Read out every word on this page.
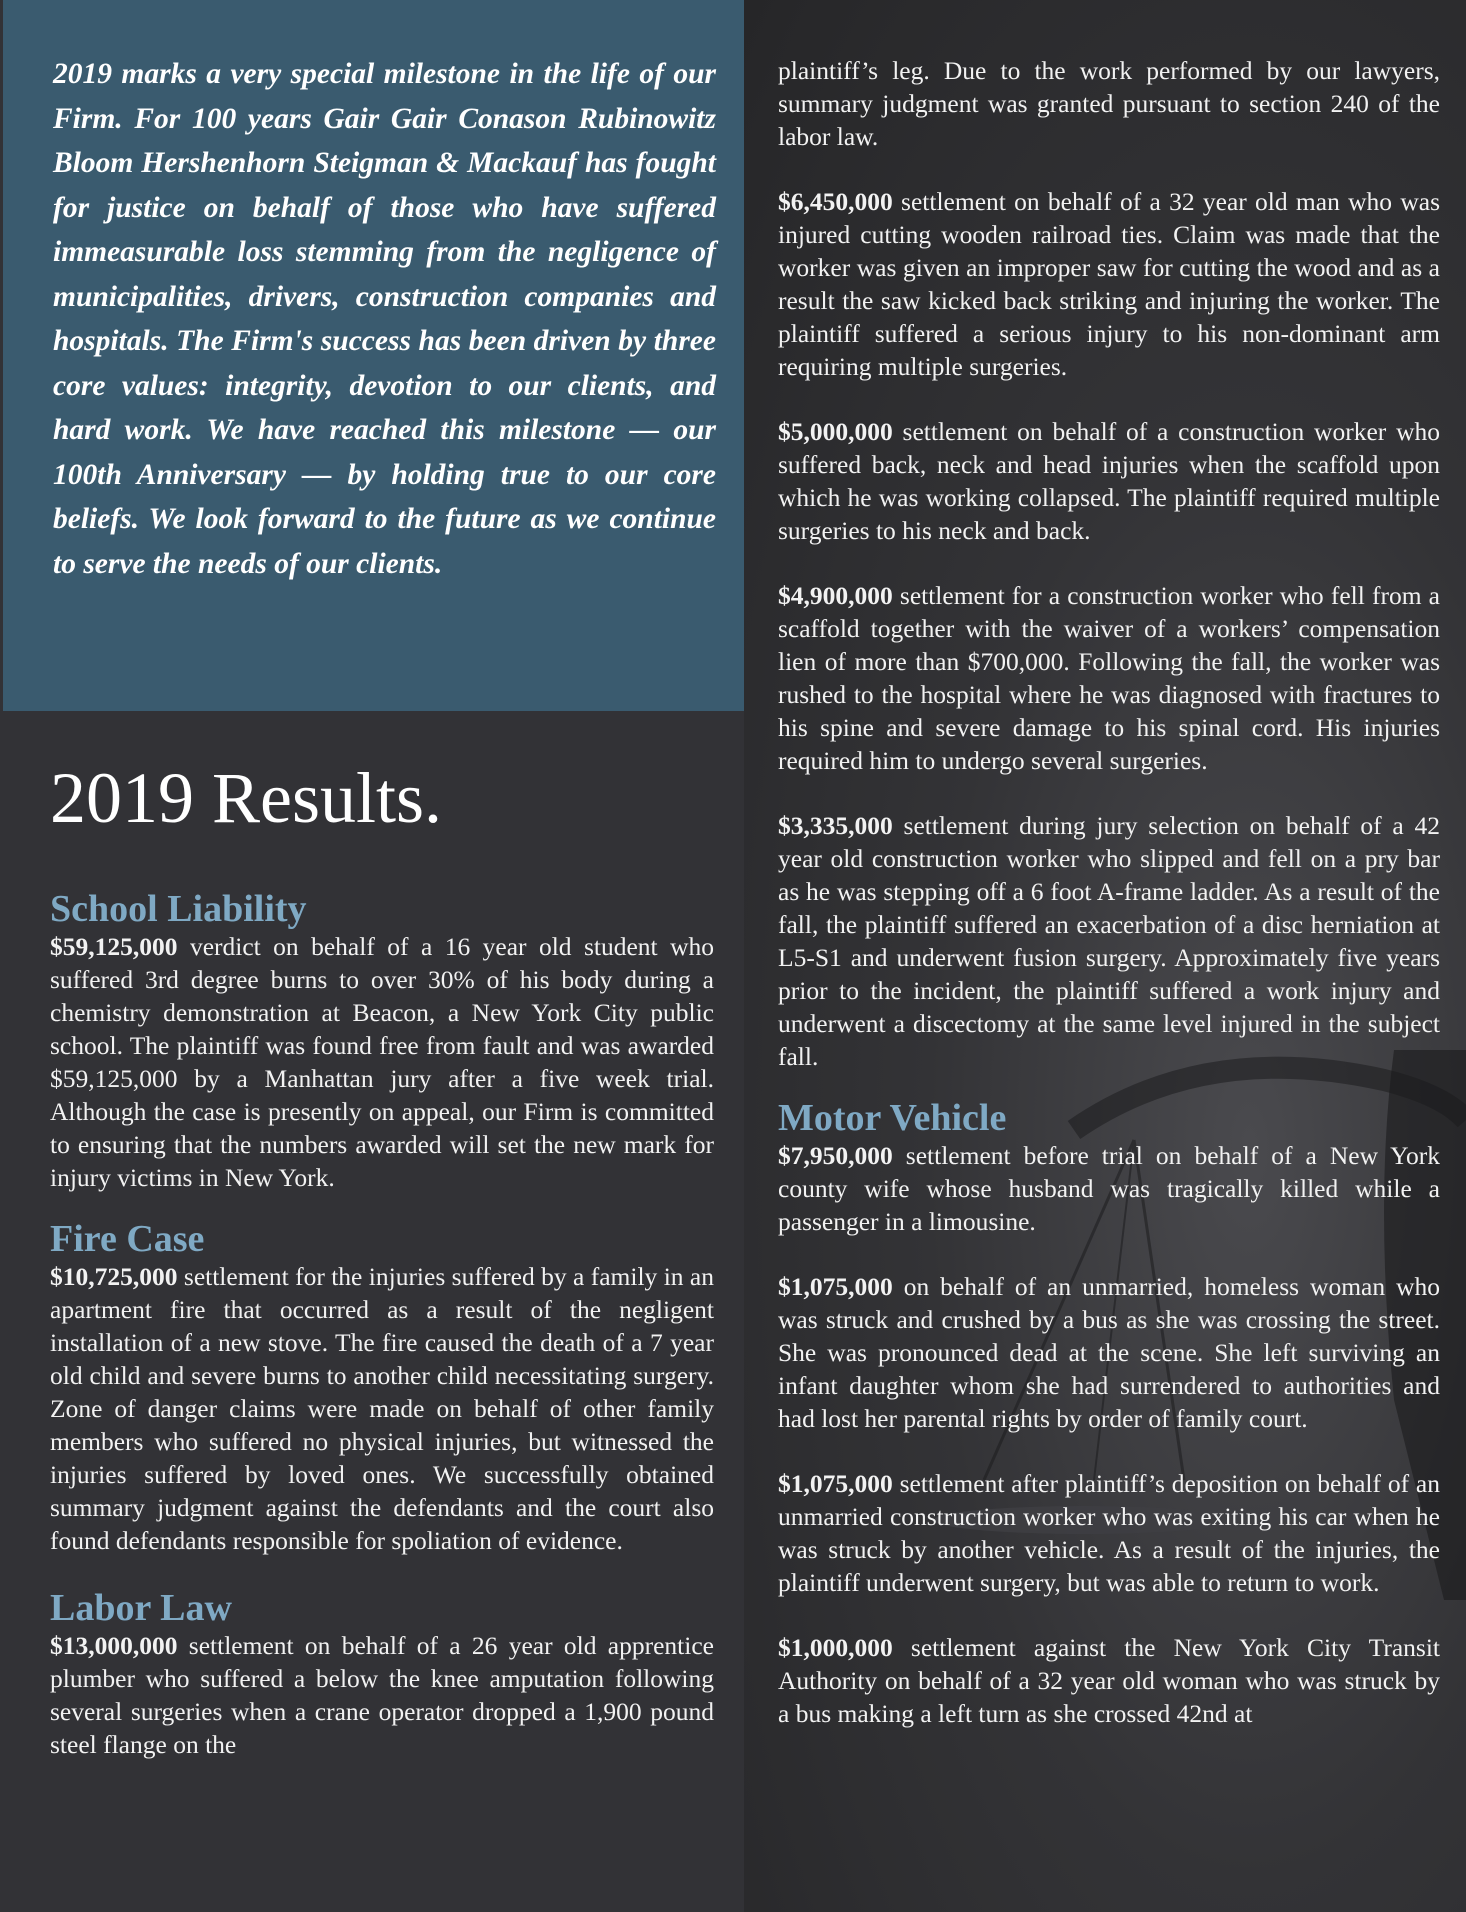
2019 marks a very special milestone in the life of our Firm. For 100 years Gair Gair Conason Rubinowitz Bloom Hershenhorn Steigman & Mackauf has fought for justice on behalf of those who have suffered immeasurable loss stemming from the negligence of municipalities, drivers, construction companies and hospitals. The Firm's success has been driven by three core values: integrity, devotion to our clients, and hard work. We have reached this milestone — our 100th Anniversary — by holding true to our core beliefs. We look forward to the future as we continue to serve the needs of our clients.

2019 Results.
School Liability

$59,125,000 verdict on behalf of a 16 year old student who suffered 3rd degree burns to over 30% of his body during a chemistry demonstration at Beacon, a New York City public school. The plaintiff was found free from fault and was awarded $59,125,000 by a Manhattan jury after a five week trial. Although the case is presently on appeal, our Firm is committed to ensuring that the numbers awarded will set the new mark for injury victims in New York.

Fire Case

$10,725,000 settlement for the injuries suffered by a family in an apartment fire that occurred as a result of the negligent installation of a new stove. The fire caused the death of a 7 year old child and severe burns to another child necessitating surgery. Zone of danger claims were made on behalf of other family members who suffered no physical injuries, but witnessed the injuries suffered by loved ones. We successfully obtained summary judgment against the defendants and the court also found defendants responsible for spoliation of evidence.

Labor Law

$13,000,000 settlement on behalf of a 26 year old apprentice plumber who suffered a below the knee amputation following several surgeries when a crane operator dropped a 1,900 pound steel flange on the

plaintiff’s leg. Due to the work performed by our lawyers, summary judgment was granted pursuant to section 240 of the labor law.

$6,450,000 settlement on behalf of a 32 year old man who was injured cutting wooden railroad ties. Claim was made that the worker was given an improper saw for cutting the wood and as a result the saw kicked back striking and injuring the worker. The plaintiff suffered a serious injury to his non-dominant arm requiring multiple surgeries.

$5,000,000 settlement on behalf of a construction worker who suffered back, neck and head injuries when the scaffold upon which he was working collapsed. The plaintiff required multiple surgeries to his neck and back.

$4,900,000 settlement for a construction worker who fell from a scaffold together with the waiver of a workers’ compensation lien of more than $700,000. Following the fall, the worker was rushed to the hospital where he was diagnosed with fractures to his spine and severe damage to his spinal cord. His injuries required him to undergo several surgeries.

$3,335,000 settlement during jury selection on behalf of a 42 year old construction worker who slipped and fell on a pry bar as he was stepping off a 6 foot A-frame ladder. As a result of the fall, the plaintiff suffered an exacerbation of a disc herniation at L5-S1 and underwent fusion surgery. Approximately five years prior to the incident, the plaintiff suffered a work injury and underwent a discectomy at the same level injured in the subject fall.

Motor Vehicle

$7,950,000 settlement before trial on behalf of a New York county wife whose husband was tragically killed while a passenger in a limousine.

$1,075,000 on behalf of an unmarried, homeless woman who was struck and crushed by a bus as she was crossing the street. She was pronounced dead at the scene. She left surviving an infant daughter whom she had surrendered to authorities and had lost her parental rights by order of family court.

$1,075,000 settlement after plaintiff’s deposition on behalf of an unmarried construction worker who was exiting his car when he was struck by another vehicle. As a result of the injuries, the plaintiff underwent surgery, but was able to return to work.

$1,000,000 settlement against the New York City Transit Authority on behalf of a 32 year old woman who was struck by a bus making a left turn as she crossed 42nd at
